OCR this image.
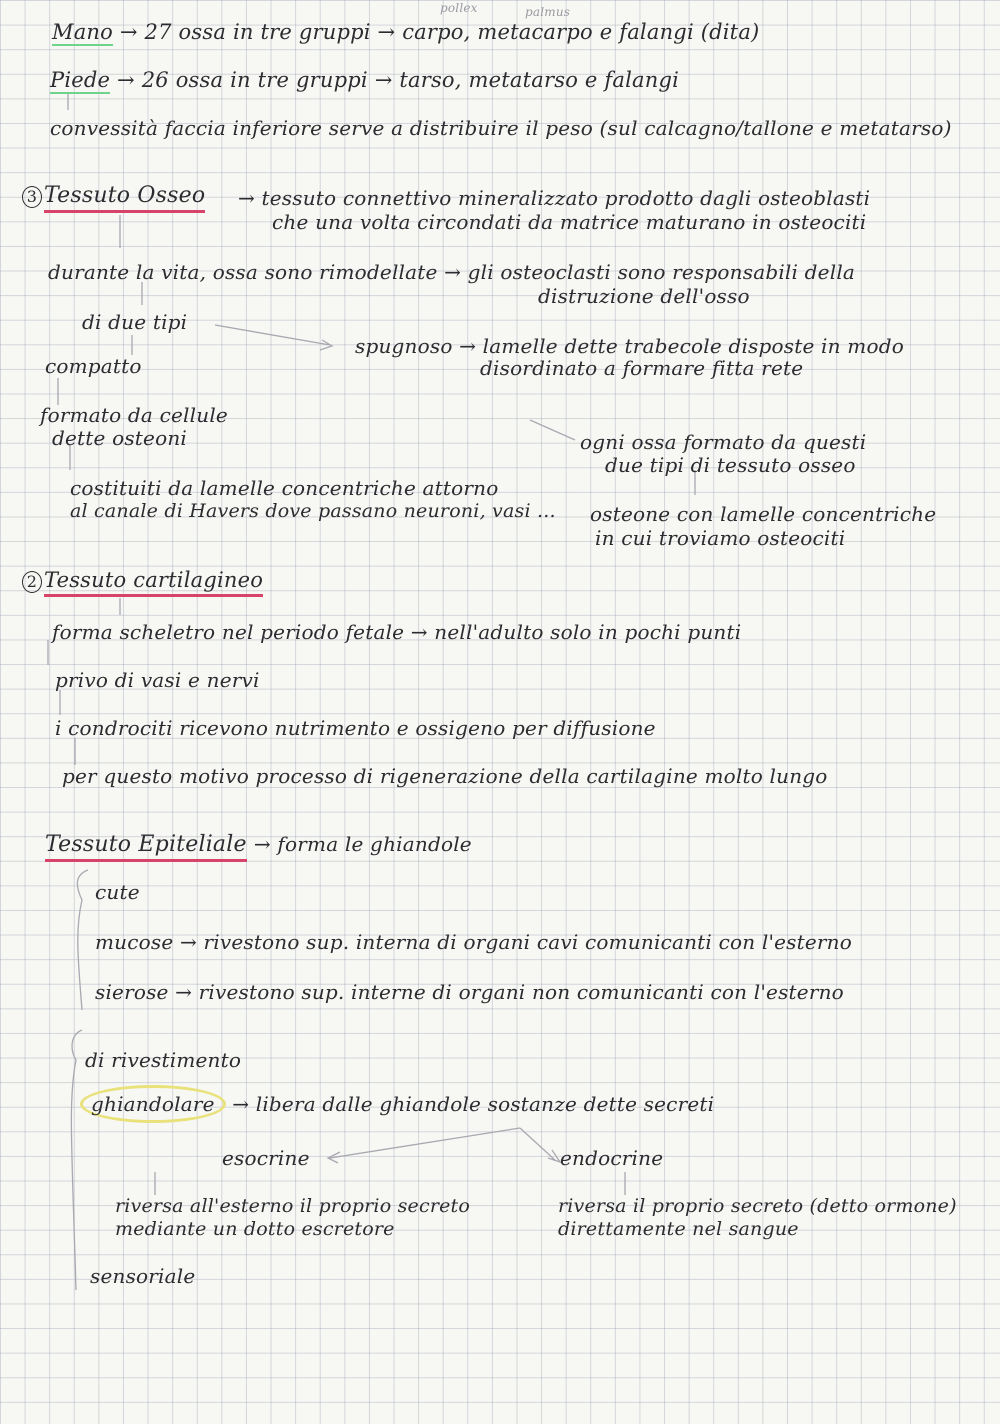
pollex	palmus
Mano → 27 ossa in tre gruppi → carpo, metacarpo e falangi (dita)
Piede → 26 ossa in tre gruppi → tarso, metatarso e falangi
convessità faccia inferiore serve a distribuire il peso (sul calcagno/tallone e metatarso)
3 Tessuto Osseo → tessuto connettivo mineralizzato prodotto dagli osteoblasti
che una volta circondati da matrice maturano in osteociti
durante la vita, ossa sono rimodellate → gli osteoclasti sono responsabili della
distruzione dell'osso
di due tipi
spugnoso → lamelle dette trabecole disposte in modo
disordinato a formare fitta rete
compatto
formato da cellule
dette osteoni	ogni ossa formato da questi
due tipi di tessuto osseo
costituiti da lamelle concentriche attorno
al canale di Havers dove passano neuroni, vasi ... osteone con lamelle concentriche
in cui troviamo osteociti
2 Tessuto cartilagineo
forma scheletro nel periodo fetale → nell'adulto solo in pochi punti
privo di vasi e nervi
i condrociti ricevono nutrimento e ossigeno per diffusione
per questo motivo processo di rigenerazione della cartilagine molto lungo
Tessuto Epiteliale → forma le ghiandole
cute
mucose → rivestono sup. interna di organi cavi comunicanti con l'esterno
sierose → rivestono sup. interne di organi non comunicanti con l'esterno
di rivestimento
ghiandolare → libera dalle ghiandole sostanze dette secreti
esocrine	endocrine
riversa all'esterno il proprio secreto
mediante un dotto escretore
riversa il proprio secreto (detto ormone)
direttamente nel sangue
sensoriale
